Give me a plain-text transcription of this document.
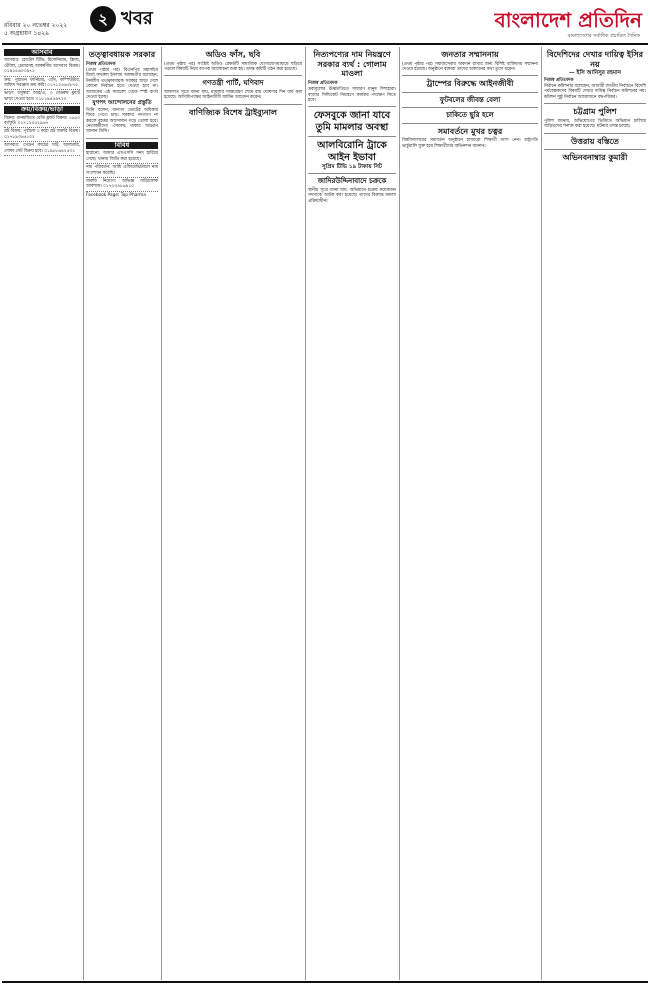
রবিবার ২০ নভেম্বর ২০২২
৫ অগ্রহায়ণ ১৪২৯
২ খবর	বাংলাদেশ প্রতিদিন
বাংলাদেশের সর্বাধিক প্রচারিত দৈনিক
আসবাব

আসবাব: হোটেল টিভি, মিলেনিয়াম, ফ্রিজ, টেবিল, চেয়ারসহ আকর্ষণীয় আসবাব বিক্রয়। ০১৯১৫৬০৩৯৭১

ক্রয়: পুরাতন ফার্নিচার, এসি, কম্পিউটার, অফিস সরঞ্জাম ক্রয় করি। ০১৭১২৪৬৩৮৭৫

ভাড়া: বসুন্ধরা আর/এ, ৩ বেডরুম ফ্ল্যাট ভাড়া দেওয়া হবে। ০১৮১৯৪৫৬৭২০

ক্রয়/বিক্রয়/ভাড়া

বিক্রয়: ধানমন্ডিতে রেডি ফ্ল্যাট বিক্রয়। ১৬৫০ বর্গফুট। ০১৭১১০৫২৯৬৭

প্লট বিক্রয়: পূর্বাচল ৩ কাঠা প্লট জরুরি বিক্রয়। ০১৭৮৯৩৬৫১০২

আসবাব: সেগুন কাঠের খাট, আলমারি, সোফা সেট বিক্রয় হবে। ০১৯৮৮৬৪২৫৩১

তত্ত্বাবধায়ক সরকার
নিজস্ব প্রতিবেদক

(প্রথম পৃষ্ঠার পর) বিএনপির মহাসচিব মির্জা ফখরুল ইসলাম আলমগীর বলেছেন, নির্দলীয় তত্ত্বাবধায়ক সরকার ছাড়া দেশে কোনো নির্বাচন হতে দেওয়া হবে না। আজকের এই সমাবেশ থেকে স্পষ্ট বার্তা দেওয়া হচ্ছে।

যুগপৎ আন্দোলনের প্রস্তুতি

তিনি বলেন, জনগণ ভোটের অধিকার ফিরে পেতে চায়। সরকার পদত্যাগ না করলে বৃহত্তর আন্দোলন গড়ে তোলা হবে। নেতাকর্মীদের ঐক্যবদ্ধ থাকার আহ্বান জানান তিনি।

বিবিধ

হারানো: আমার এসএসসি সনদ হারিয়ে গেছে। থানায় জিডি করা হয়েছে।

নাম পরিবর্তন: আমি এফিডেভিটবলে নাম সংশোধন করেছি।

জরুরি নিয়োগ: অভিজ্ঞ গাড়িচালক আবশ্যক। ০১৭২৩৪৮৬৯১০

Facebook Page: Top Pharma

অডিও ফাঁস, ছবি

(প্রথম পৃষ্ঠার পর) সংশ্লিষ্ট অডিও রেকর্ডটি সামাজিক যোগাযোগমাধ্যমে ছড়িয়ে পড়লে বিষয়টি নিয়ে ব্যাপক আলোচনা শুরু হয়। তদন্ত কমিটি গঠন করা হয়েছে।

গণতন্ত্রী পার্টি, ঘণিবাদ

আদালত সূত্রে জানা যায়, মামলার সাক্ষ্যগ্রহণ শেষে রায় ঘোষণার দিন ধার্য করা হয়েছে। আসামিপক্ষের আইনজীবী জামিন আবেদন করেন।

বাণিজ্যিক বিশেষ ট্রাইব্যুনাল
নিত্যপণ্যের দাম নিয়ন্ত্রণে সরকার ব্যর্থ : গোলাম মাওলা
নিজস্ব প্রতিবেদক

দ্রব্যমূল্যের ঊর্ধ্বগতিতে সাধারণ মানুষ দিশাহারা। বাজার সিন্ডিকেট নিয়ন্ত্রণে কার্যকর পদক্ষেপ নিতে হবে।

ফেসবুকে জানা যাবে তুমি মামলার অবস্থা
আলবিরোনি ট্রাকে আইন ইভাবা
সুপ্রিম টিভি ১৯ টাকায় সিট
জাদিরউদ্দিনাবাদে চক্রকে

স্থানীয় সূত্রে জানা যায়, অভিযানে চক্রের কয়েকজন সদস্যকে আটক করা হয়েছে। তাদের বিরুদ্ধে মামলা প্রক্রিয়াধীন।

জনতার সম্মাননায়

(প্রথম পৃষ্ঠার পর) সমাজসেবায় অবদান রাখার জন্য বিশিষ্ট ব্যক্তিদের সম্মাননা দেওয়া হয়েছে। অনুষ্ঠানে বক্তারা তাদের অবদানের কথা তুলে ধরেন।

ট্রাম্পের বিরুদ্ধে আইনজীবী
ফুটবলের জীবন্ত বেলা
চাকিতে ছুরি হলে
সমাবর্তনে মুখর চত্বর

বিশ্ববিদ্যালয়ের সমাবর্তন অনুষ্ঠানে হাজারো শিক্ষার্থী অংশ নেন। রাষ্ট্রপতি ভার্চুয়ালি যুক্ত হয়ে শিক্ষার্থীদের অভিনন্দন জানান।

বিদেশিদের দেখার দায়িত্ব ইসির নয়
— ইসি আনিসুর রহমান
নিজস্ব প্রতিবেদক

নির্বাচন কমিশনার বলেছেন, আগামী জাতীয় নির্বাচনে বিদেশি পর্যবেক্ষকদের বিষয়টি দেখার দায়িত্ব নির্বাচন কমিশনের নয়। কমিশন সুষ্ঠু নির্বাচন আয়োজনে বদ্ধপরিকর।

চট্টগ্রাম পুলিশ

পুলিশ জানায়, অভিযোগের ভিত্তিতে অভিযান চালিয়ে জড়িতদের শনাক্ত করা হয়েছে। ঘটনার তদন্ত চলছে।

উত্তরায় বস্তিতে
অভিনবনাম্বার কুমারী
